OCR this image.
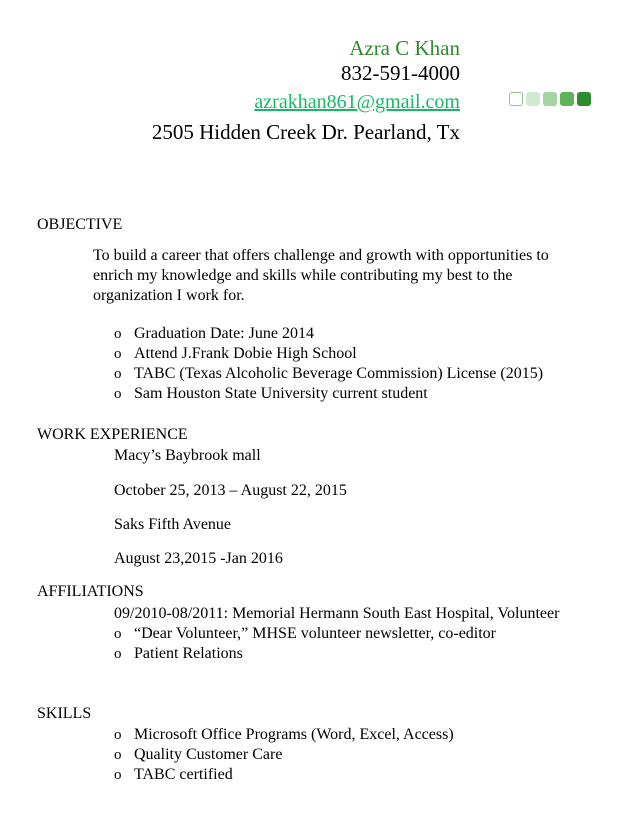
Azra C Khan
832-591-4000
azrakhan861@gmail.com
2505 Hidden Creek Dr. Pearland, Tx
OBJECTIVE
To build a career that offers challenge and growth with opportunities to enrich my knowledge and skills while contributing my best to the organization I work for.
o Graduation Date: June 2014
o Attend J.Frank Dobie High School
o TABC (Texas Alcoholic Beverage Commission) License (2015)
o Sam Houston State University current student
WORK EXPERIENCE
Macy’s Baybrook mall
October 25, 2013 – August 22, 2015
Saks Fifth Avenue
August 23,2015 -Jan 2016
AFFILIATIONS
09/2010-08/2011: Memorial Hermann South East Hospital, Volunteer
o “Dear Volunteer,” MHSE volunteer newsletter, co-editor
o Patient Relations
SKILLS
o Microsoft Office Programs (Word, Excel, Access)
o Quality Customer Care
o TABC certified
